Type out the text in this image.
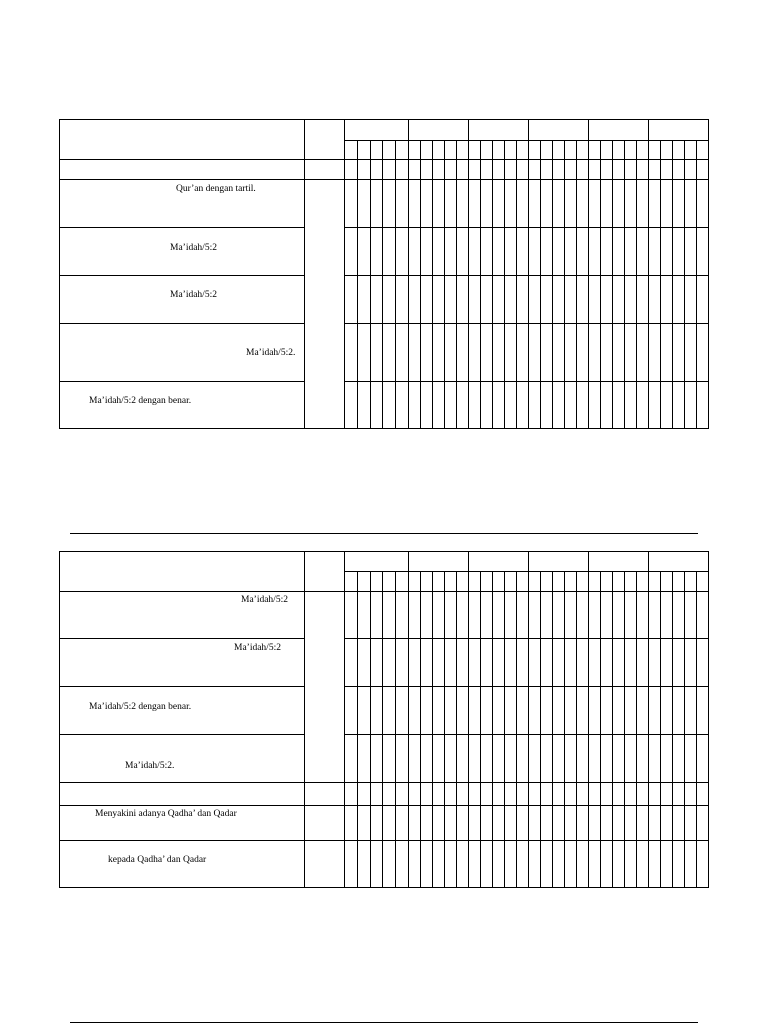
Qur’an dengan tartil.
Ma’idah/5:2
Ma’idah/5:2
Ma’idah/5:2.
Ma’idah/5:2 dengan benar.
Ma’idah/5:2
Ma’idah/5:2
Ma’idah/5:2 dengan benar.
Ma’idah/5:2.
Menyakini adanya Qadha’ dan Qadar
kepada Qadha’ dan Qadar
